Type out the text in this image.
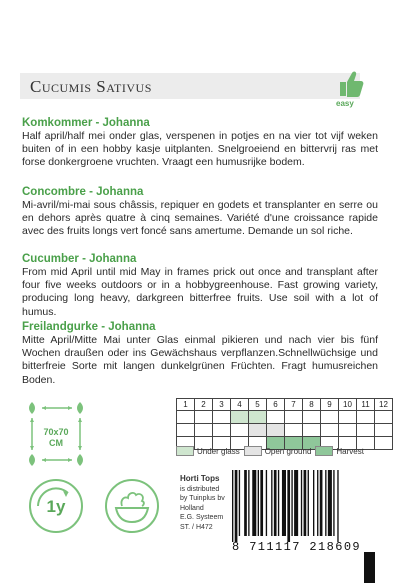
Cucumis Sativus
easy

Komkommer - Johanna

Half april/half mei onder glas, verspenen in potjes en na vier tot vijf weken buiten of in een hobby kasje uitplanten. Snelgroeiend en bittervrij ras met forse donkergroene vruchten. Vraagt een humusrijke bodem.

Concombre - Johanna

Mi-avril/mi-mai sous châssis, repiquer en godets et transplanter en serre ou en dehors après quatre à cinq semaines. Variété d'une croissance rapide avec des fruits longs vert foncé sans amertume. Demande un sol riche.

Cucumber - Johanna

From mid April until mid May in frames prick out once and transplant after four five weeks outdoors or in a hobbygreenhouse. Fast growing variety, producing long heavy, darkgreen bitterfree fruits. Use soil with a lot of humus.

Freilandgurke - Johanna

Mitte April/Mitte Mai unter Glas einmal pikieren und nach vier bis fünf Wochen draußen oder ins Gewächshaus verpflanzen.Schnellwüchsige und bitterfreie Sorte mit langen dunkelgrünen Früchten. Fragt humusreichen Boden.

70x70
CM
1y
1	2	3	4	5	6	7	8	9	10	11	12
Under glass	Open ground	Harvest
Horti Tops
is distributed
by Tuinplus bv
Holland
E.G. Systeem
ST. / H472
8 711117 218609
